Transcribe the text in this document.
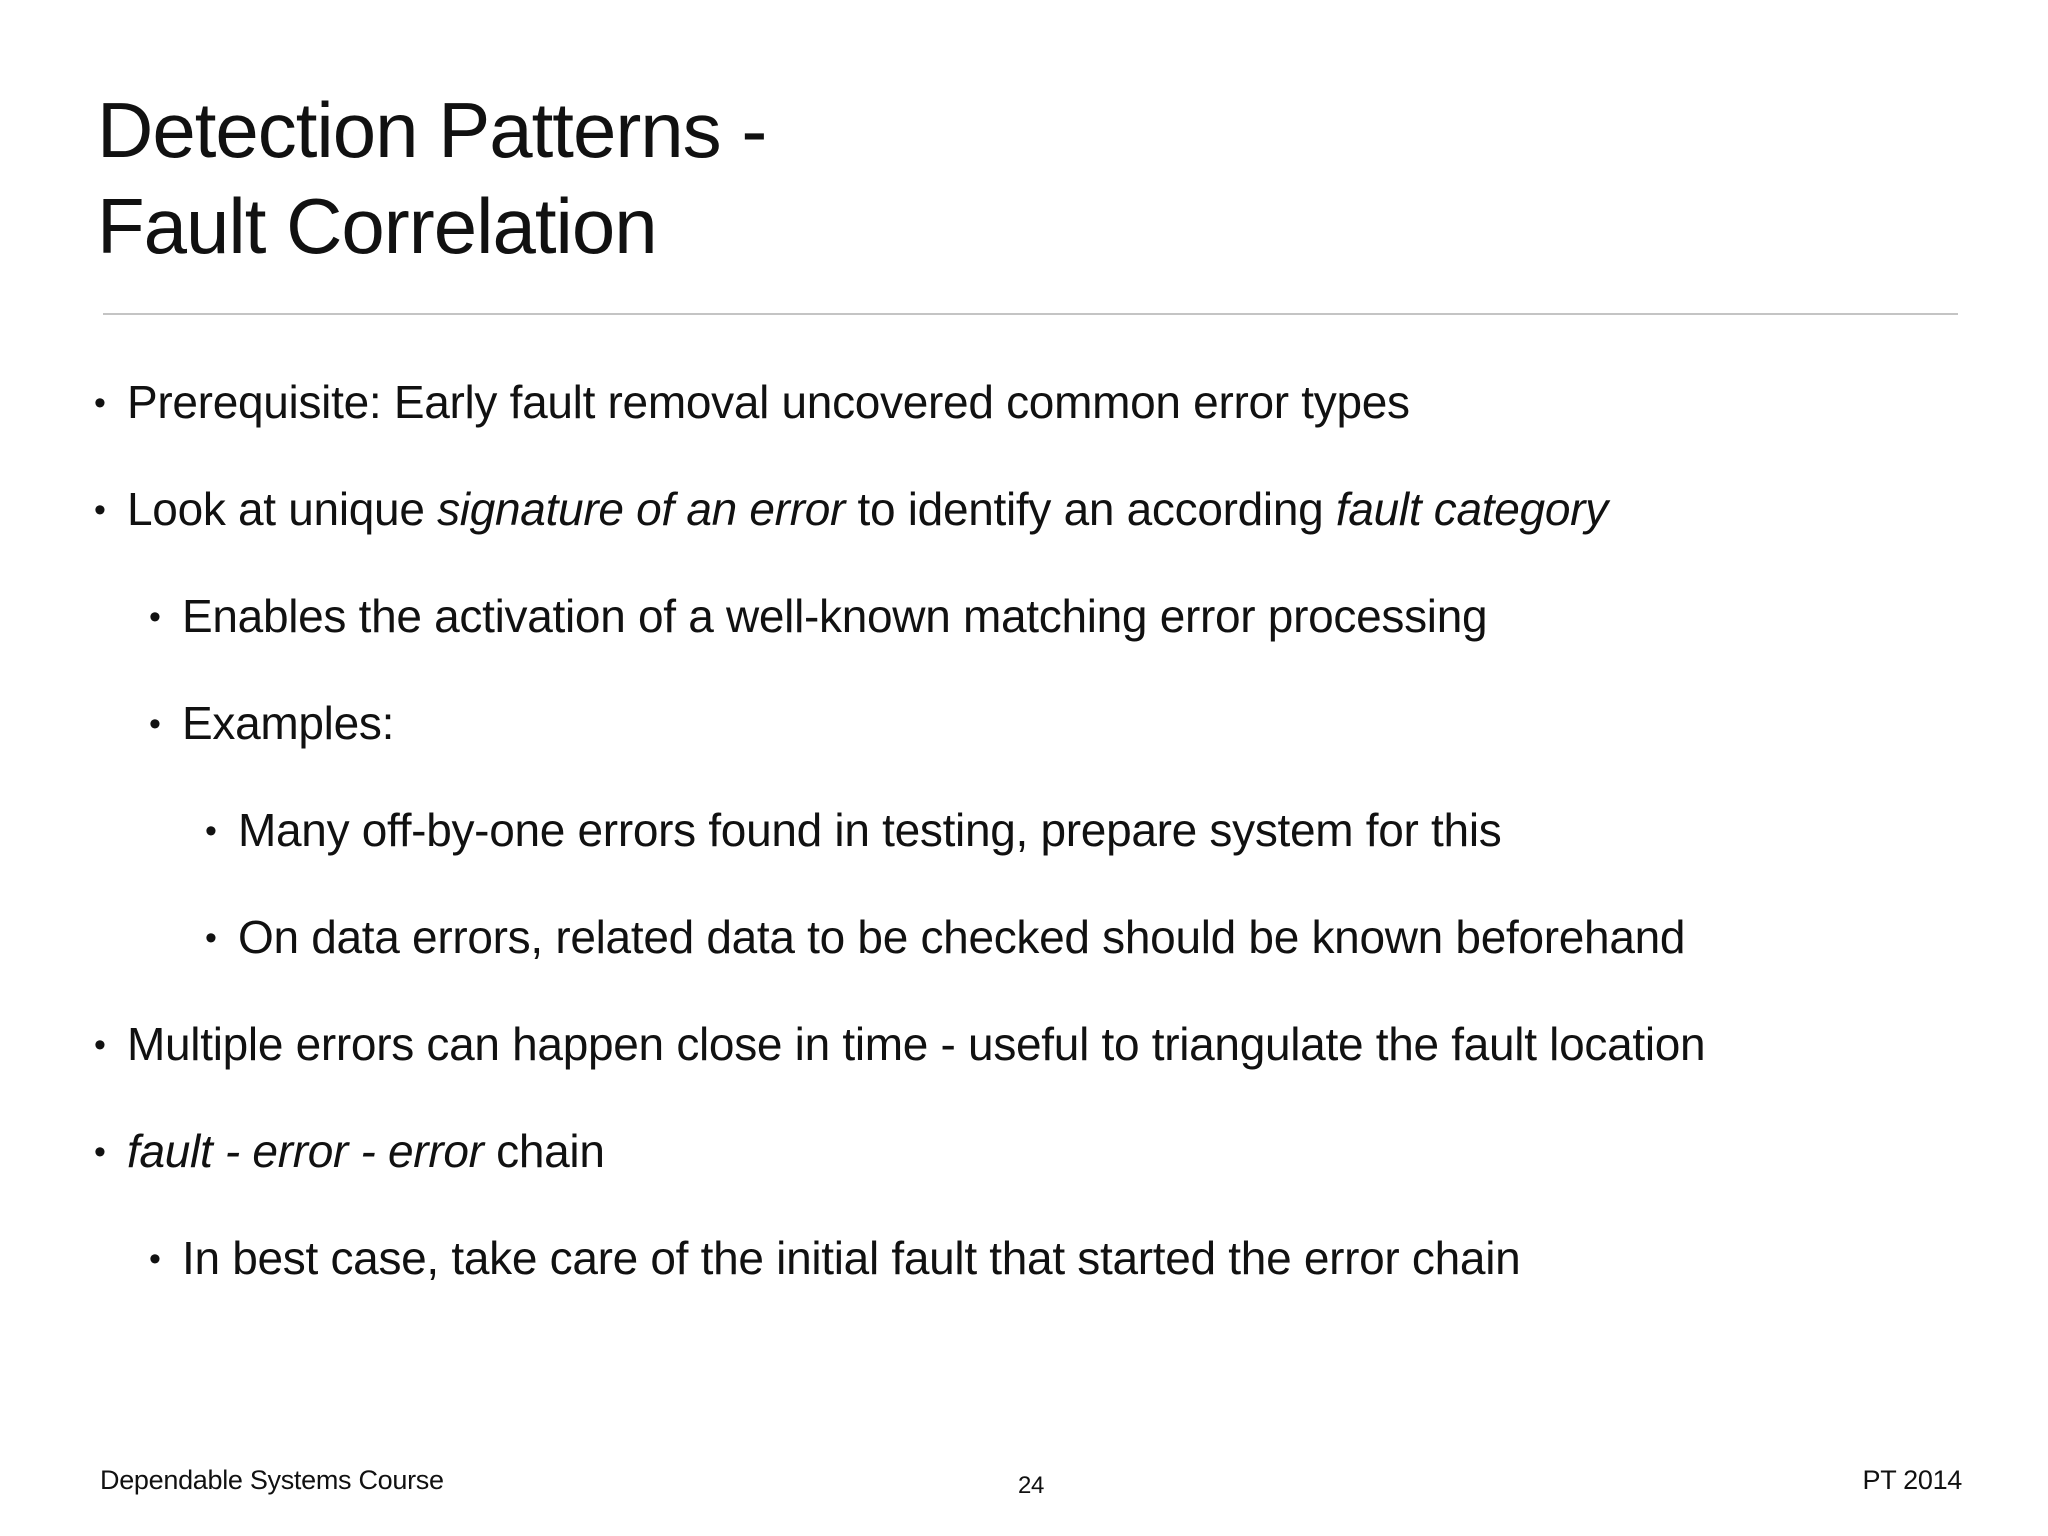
Detection Patterns -
Fault Correlation
• Prerequisite: Early fault removal uncovered common error types
• Look at unique signature of an error to identify an according fault category
• Enables the activation of a well-known matching error processing
• Examples:
• Many off-by-one errors found in testing, prepare system for this
• On data errors, related data to be checked should be known beforehand
• Multiple errors can happen close in time - useful to triangulate the fault location
• fault - error - error chain
• In best case, take care of the initial fault that started the error chain
Dependable Systems Course	24	PT 2014
